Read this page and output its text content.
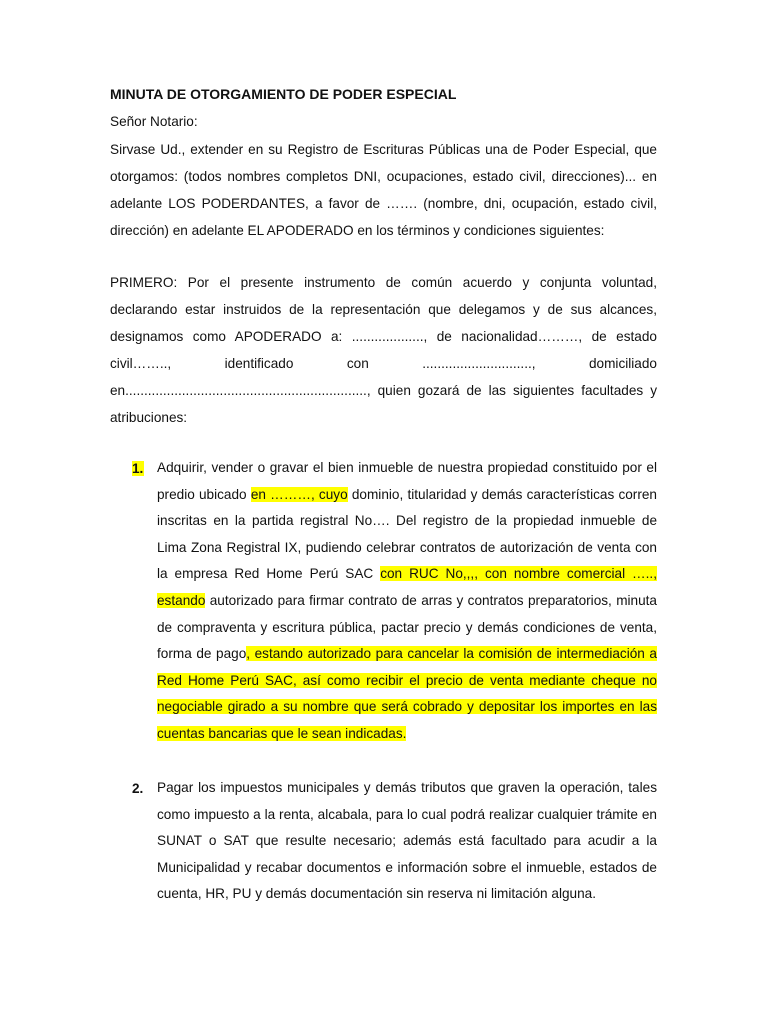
MINUTA DE OTORGAMIENTO DE PODER ESPECIAL
Señor Notario:
Sirvase Ud., extender en su Registro de Escrituras Públicas una de Poder Especial, que otorgamos: (todos nombres completos DNI, ocupaciones, estado civil, direcciones)... en adelante LOS PODERDANTES, a favor de ……. (nombre, dni, ocupación, estado civil, dirección) en adelante EL APODERADO en los términos y condiciones siguientes:
PRIMERO: Por el presente instrumento de común acuerdo y conjunta voluntad, declarando estar instruidos de la representación que delegamos y de sus alcances, designamos como APODERADO a: ..................., de nacionalidad………, de estado civil…….., identificado con ............................., domiciliado en................................................................, quien gozará de las siguientes facultades y atribuciones:
1. Adquirir, vender o gravar el bien inmueble de nuestra propiedad constituido por el predio ubicado en ………, cuyo dominio, titularidad y demás características corren inscritas en la partida registral No…. Del registro de la propiedad inmueble de Lima Zona Registral IX, pudiendo celebrar contratos de autorización de venta con la empresa Red Home Perú SAC con RUC No,,,, con nombre comercial ….., estando autorizado para firmar contrato de arras y contratos preparatorios, minuta de compraventa y escritura pública, pactar precio y demás condiciones de venta, forma de pago, estando autorizado para cancelar la comisión de intermediación a Red Home Perú SAC, así como recibir el precio de venta mediante cheque no negociable girado a su nombre que será cobrado y depositar los importes en las cuentas bancarias que le sean indicadas.
2. Pagar los impuestos municipales y demás tributos que graven la operación, tales como impuesto a la renta, alcabala, para lo cual podrá realizar cualquier trámite en SUNAT o SAT que resulte necesario; además está facultado para acudir a la Municipalidad y recabar documentos e información sobre el inmueble, estados de cuenta, HR, PU y demás documentación sin reserva ni limitación alguna.
